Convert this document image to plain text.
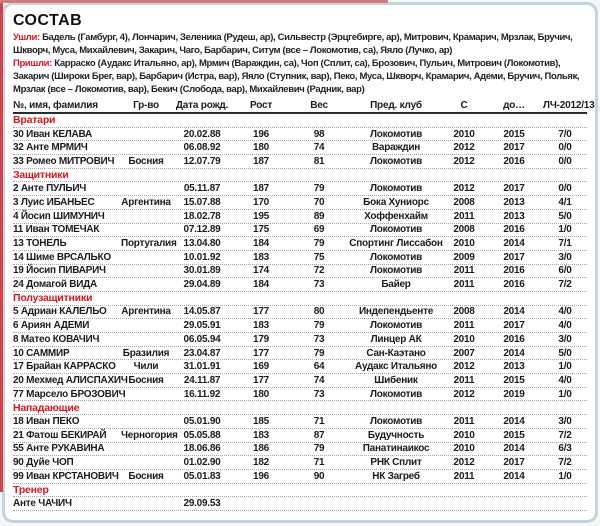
СОСТАВ

Ушли: Бадель (Гамбург, 4), Лончарич, Зеленика (Рудеш, ар), Сильвестр (Эрцгебирге, ар), Митрович, Крамарич, Мрзлак, Бручич, Шкворч, Муса, Михайлевич, Закарич, Чаго, Барбарич, Ситум (все – Локомотив, са), Яяло (Лучко, ар)

Пришли: Карраско (Аудакс Итальяно, ар), Мрмич (Вараждин, са), Чоп (Сплит, са), Брозович, Пульич, Митрович (Локомотив), Закарич (Широки Брег, вар), Барбарич (Истра, вар), Яяло (Ступник, вар), Пеко, Муса, Шкворч, Крамарич, Адеми, Бручич, Польяк, Мрзлак (все – Локомотив, вар), Бекич (Слобода, вар), Михайлевич (Радник, вар)

№, имя, фамилия	Гр-во	Дата рожд.	Рост	Вес	Пред. клуб	С	до…	ЛЧ-2012/13
Вратари
30 Иван КЕЛАВА	20.02.88	196	98	Локомотив	2010	2015	7/0
32 Анте МРМИЧ	06.08.92	180	74	Вараждин	2012	2017	0/0
33 Ромео МИТРОВИЧ	Босния	12.07.79	187	81	Локомотив	2012	2016	0/0
Защитники
2 Анте ПУЛЬИЧ	05.11.87	187	79	Локомотив	2012	2017	0/0
3 Луис ИБАНЬЕС	Аргентина	15.07.88	170	70	Бока Хуниорс	2008	2013	4/1
4 Йосип ШИМУНИЧ	18.02.78	195	89	Хоффенхайм	2011	2013	5/0
11 Иван ТОМЕЧАК	07.12.89	175	69	Локомотив	2008	2016	1/0
13 ТОНЕЛЬ	Португалия 13.04.80	184	79	Спортинг Лиссабон	2010	2014	7/1
14 Шиме ВРСАЛЬКО	10.01.92	183	75	Локомотив	2009	2017	3/0
19 Йосип ПИВАРИЧ	30.01.89	174	72	Локомотив	2011	2016	6/0
24 Домагой ВИДА	29.04.89	184	73	Байер	2011	2016	7/2
Полузащитники
5 Адриан КАЛЕЛЬО	Аргентина	14.05.87	177	80	Индепендьенте	2008	2014	4/0
6 Ариян АДЕМИ	29.05.91	183	79	Локомотив	2011	2017	4/0
8 Матео КОВАЧИЧ	06.05.94	179	73	Линцер АК	2010	2016	3/0
10 САММИР	Бразилия	23.04.87	177	79	Сан-Каэтано	2007	2014	5/0
17 Брайан КАРРАСКО	Чили	31.01.91	169	64	Аудакс Итальяно	2012	2013	1/0
20 Мехмед АЛИСПАХИЧ Босния	24.11.87	177	74	Шибеник	2011	2015	4/0
77 Марсело БРОЗОВИЧ	16.11.92	180	73	Локомотив	2012	2019	1/0
Нападающие
18 Иван ПЕКО	05.01.90	185	71	Локомотив	2011	2014	3/0
21 Фатош БЕКИРАЙ	Черногория 05.05.88	183	87	Будучность	2010	2015	7/2
55 Анте РУКАВИНА	18.06.86	186	79	Панатинаикос	2010	2014	6/3
90 Дуйе ЧОП	01.02.90	182	71	РНК Сплит	2012	2017	7/2
99 Иван КРСТАНОВИЧ Босния	05.01.83	196	90	НК Загреб	2011	2014	1/0
Тренер
Анте ЧАЧИЧ	29.09.53
